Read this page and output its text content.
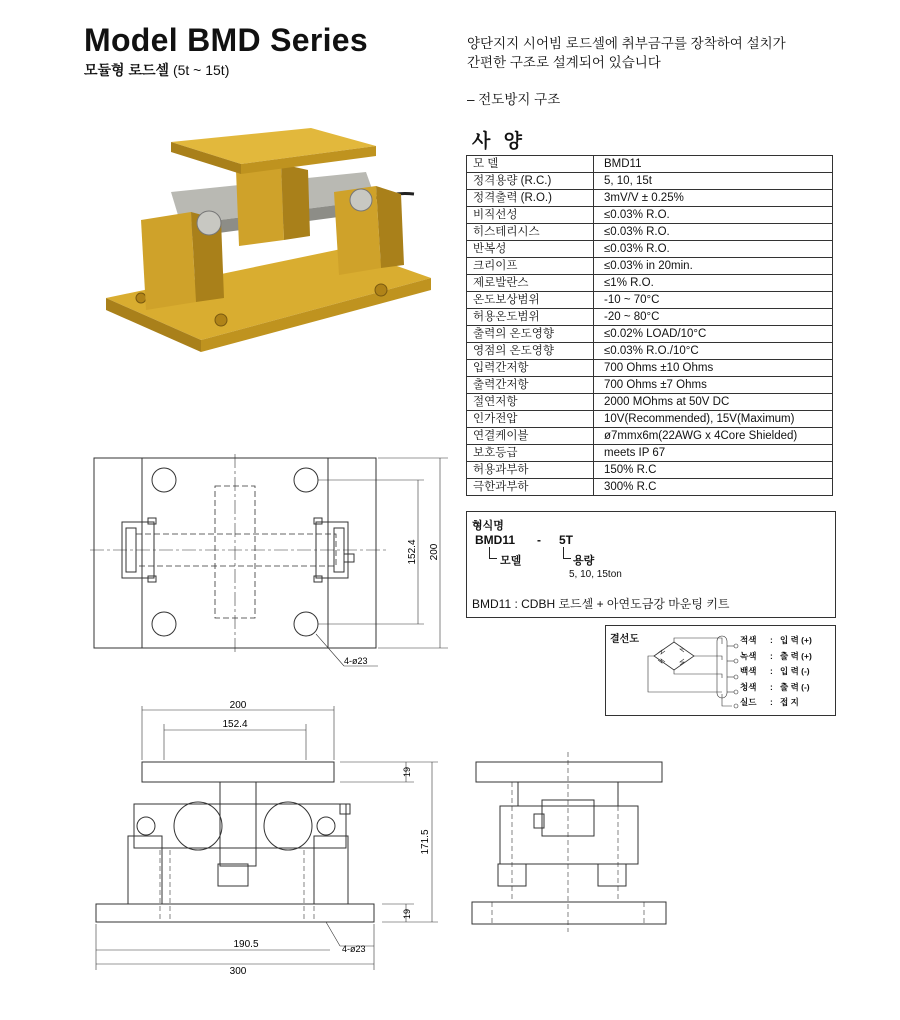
Model BMD Series
모듈형 로드셀 (5t ~ 15t)
양단지지 시어빔 로드셀에 취부금구를 장착하여 설치가
간편한 구조로 설계되어 있습니다
– 전도방지 구조
사 양
모 델	BMD11
정격용량 (R.C.)	5, 10, 15t
정격출력 (R.O.)	3mV/V ± 0.25%
비직선성	≤0.03% R.O.
히스테리시스	≤0.03% R.O.
반복성	≤0.03% R.O.
크리이프	≤0.03% in 20min.
제로발란스	≤1% R.O.
온도보상범위	-10 ~ 70°C
허용온도범위	-20 ~ 80°C
출력의 온도영향	≤0.02% LOAD/10°C
영점의 온도영향	≤0.03% R.O./10°C
입력간저항	700 Ohms ±10 Ohms
출력간저항	700 Ohms ±7 Ohms
절연저항	2000 MOhms at 50V DC
인가전압	10V(Recommended), 15V(Maximum)
연결케이블	ø7mmx6m(22AWG x 4Core Shielded)
보호등급	meets IP 67
허용과부하	150% R.C
극한과부하	300% R.C
형식명
BMD11 - 5T
모델	용량
5, 10, 15ton
BMD11 : CDBH 로드셀 + 아연도금강 마운팅 키트
결선도	적색 : 입 력 (+)
녹색 : 출 력 (+)
백색 : 입 력 (-)
청색 : 출 력 (-)
실드 : 접 지
152.4 200
4-ø23
200
152.4
19
171.5
19
190.5	4-ø23
300
